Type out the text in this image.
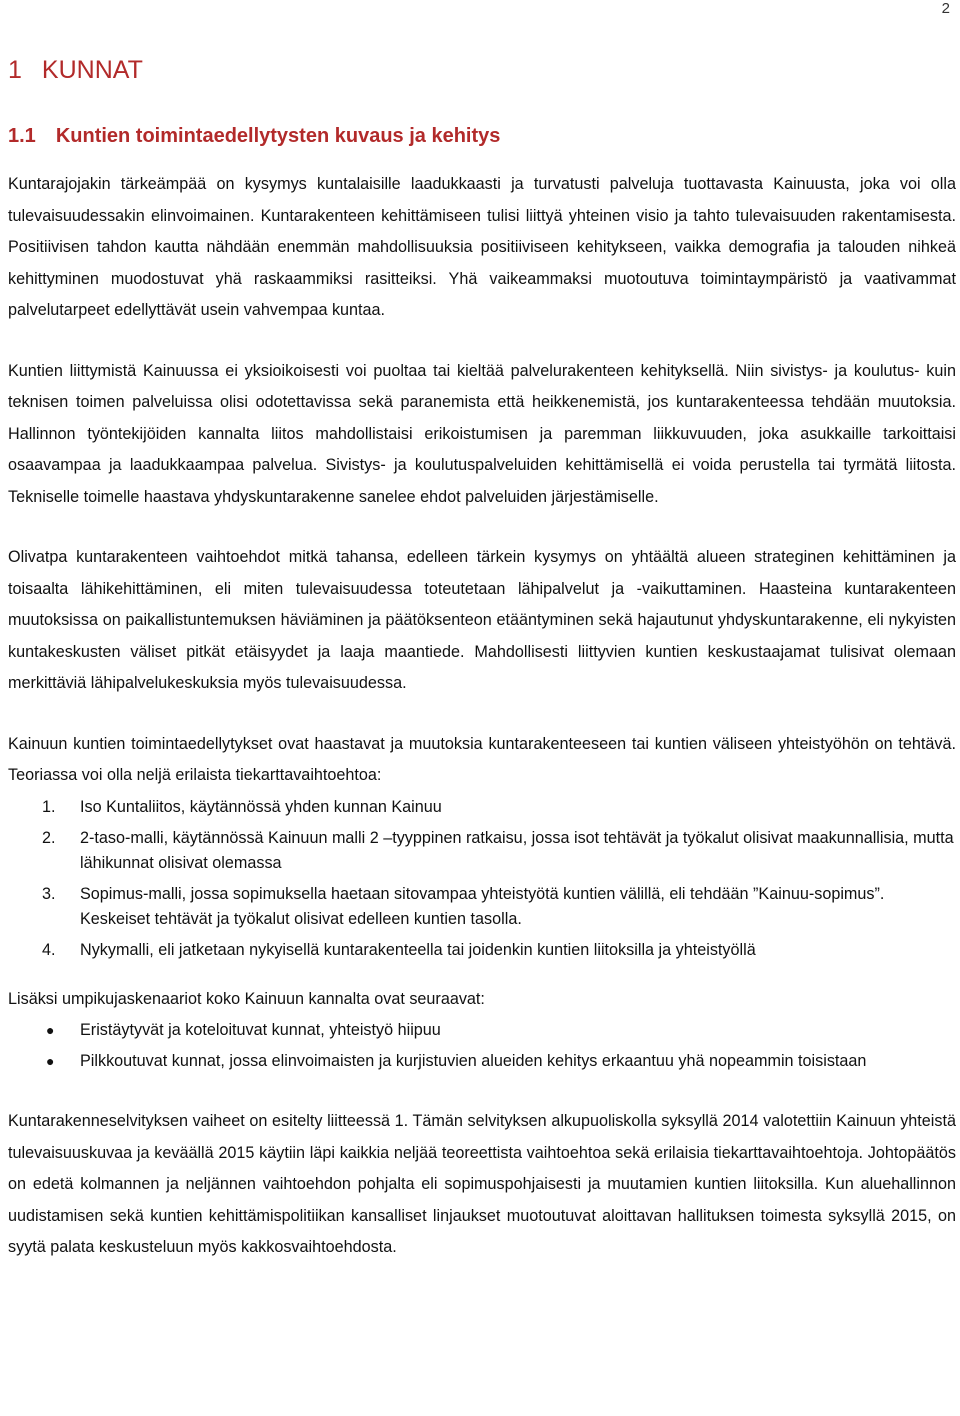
2
1 KUNNAT
1.1 Kuntien toimintaedellytysten kuvaus ja kehitys

Kuntarajojakin tärkeämpää on kysymys kuntalaisille laadukkaasti ja turvatusti palveluja tuottavasta Kainuusta, joka voi olla tulevaisuudessakin elinvoimainen. Kuntarakenteen kehittämiseen tulisi liittyä yhteinen visio ja tahto tulevaisuuden rakentamisesta. Positiivisen tahdon kautta nähdään enemmän mahdollisuuksia positiiviseen kehitykseen, vaikka demografia ja talouden nihkeä kehittyminen muodostuvat yhä raskaammiksi rasitteiksi. Yhä vaikeammaksi muotoutuva toimintaympäristö ja vaativammat palvelutarpeet edellyttävät usein vahvempaa kuntaa.

Kuntien liittymistä Kainuussa ei yksioikoisesti voi puoltaa tai kieltää palvelurakenteen kehityksellä. Niin sivistys- ja koulutus- kuin teknisen toimen palveluissa olisi odotettavissa sekä paranemista että heikkenemistä, jos kuntarakenteessa tehdään muutoksia. Hallinnon työntekijöiden kannalta liitos mahdollistaisi erikoistumisen ja paremman liikkuvuuden, joka asukkaille tarkoittaisi osaavampaa ja laadukkaampaa palvelua. Sivistys- ja koulutuspalveluiden kehittämisellä ei voida perustella tai tyrmätä liitosta. Tekniselle toimelle haastava yhdyskuntarakenne sanelee ehdot palveluiden järjestämiselle.

Olivatpa kuntarakenteen vaihtoehdot mitkä tahansa, edelleen tärkein kysymys on yhtäältä alueen strateginen kehittäminen ja toisaalta lähikehittäminen, eli miten tulevaisuudessa toteutetaan lähipalvelut ja -vaikuttaminen. Haasteina kuntarakenteen muutoksissa on paikallistuntemuksen häviäminen ja päätöksenteon etääntyminen sekä hajautunut yhdyskuntarakenne, eli nykyisten kuntakeskusten väliset pitkät etäisyydet ja laaja maantiede. Mahdollisesti liittyvien kuntien keskustaajamat tulisivat olemaan merkittäviä lähipalvelukeskuksia myös tulevaisuudessa.

Kainuun kuntien toimintaedellytykset ovat haastavat ja muutoksia kuntarakenteeseen tai kuntien väliseen yhteistyöhön on tehtävä. Teoriassa voi olla neljä erilaista tiekarttavaihtoehtoa:

1. Iso Kuntaliitos, käytännössä yhden kunnan Kainuu
2. 2-taso-malli, käytännössä Kainuun malli 2 –tyyppinen ratkaisu, jossa isot tehtävät ja työkalut olisivat maakunnallisia, mutta lähikunnat olisivat olemassa
3. Sopimus-malli, jossa sopimuksella haetaan sitovampaa yhteistyötä kuntien välillä, eli tehdään ”Kainuu-sopimus”. Keskeiset tehtävät ja työkalut olisivat edelleen kuntien tasolla.
4. Nykymalli, eli jatketaan nykyisellä kuntarakenteella tai joidenkin kuntien liitoksilla ja yhteistyöllä

Lisäksi umpikujaskenaariot koko Kainuun kannalta ovat seuraavat:

● Eristäytyvät ja koteloituvat kunnat, yhteistyö hiipuu
● Pilkkoutuvat kunnat, jossa elinvoimaisten ja kurjistuvien alueiden kehitys erkaantuu yhä nopeammin toisistaan

Kuntarakenneselvityksen vaiheet on esitelty liitteessä 1. Tämän selvityksen alkupuoliskolla syksyllä 2014 valotettiin Kainuun yhteistä tulevaisuuskuvaa ja keväällä 2015 käytiin läpi kaikkia neljää teoreettista vaihtoehtoa sekä erilaisia tiekarttavaihtoehtoja. Johtopäätös on edetä kolmannen ja neljännen vaihtoehdon pohjalta eli sopimuspohjaisesti ja muutamien kuntien liitoksilla. Kun aluehallinnon uudistamisen sekä kuntien kehittämispolitiikan kansalliset linjaukset muotoutuvat aloittavan hallituksen toimesta syksyllä 2015, on syytä palata keskusteluun myös kakkosvaihtoehdosta.
